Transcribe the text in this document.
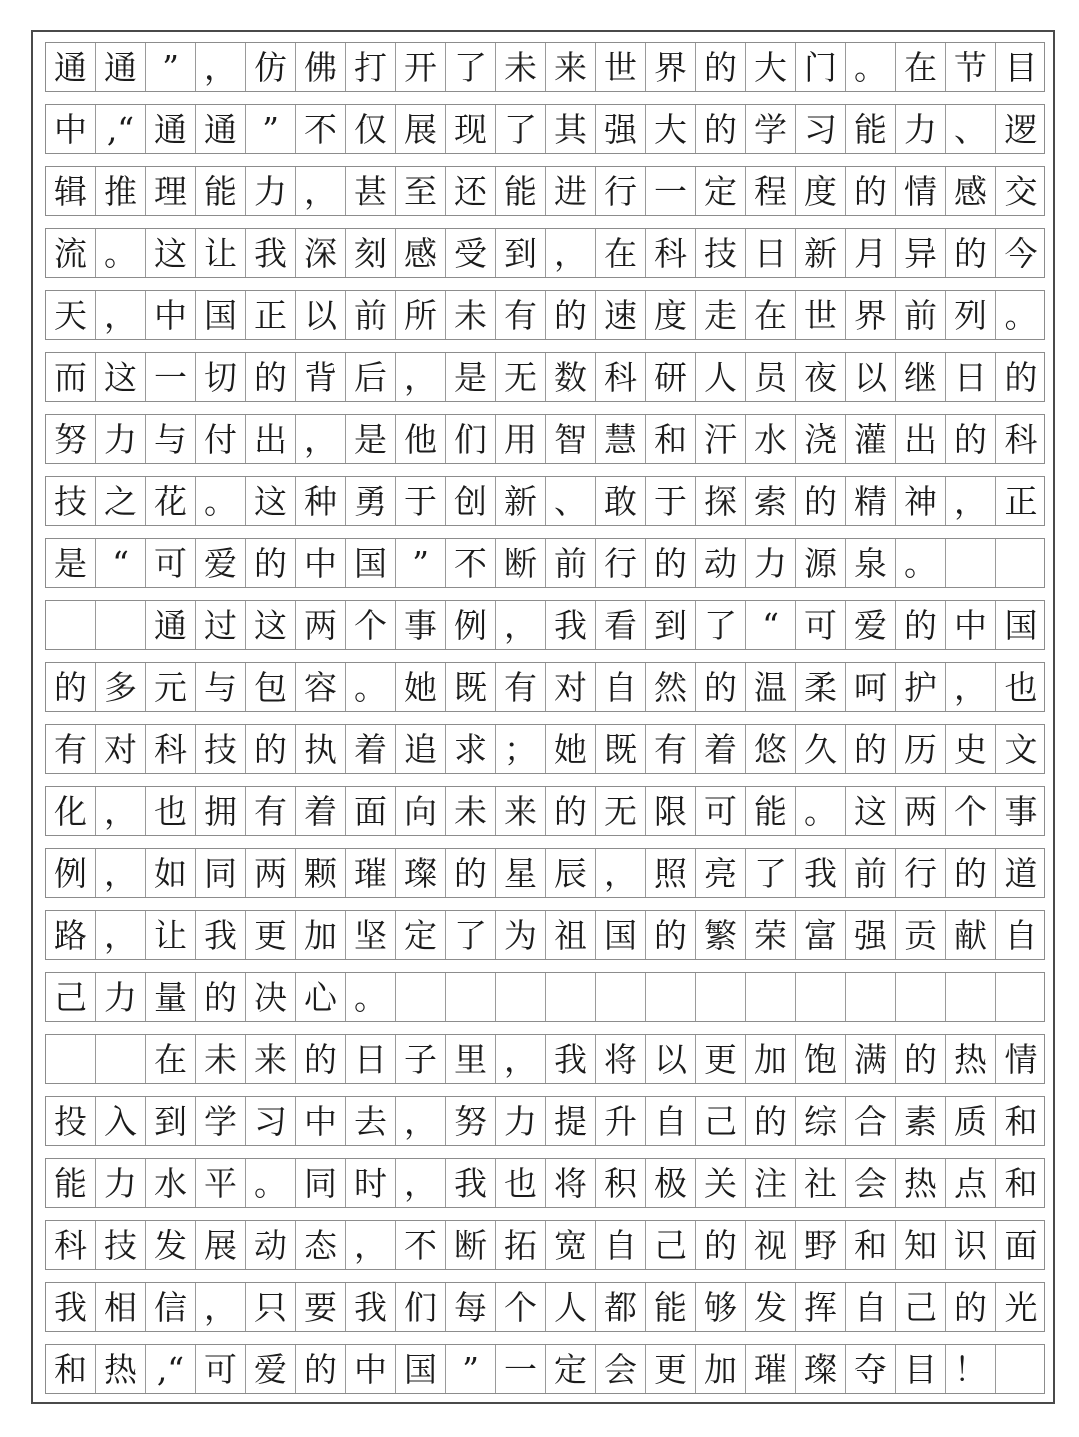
通 通 ” ， 仿 佛 打 开 了 未 来 世 界 的 大 门 。 在 节 目
中 ,“ 通 通 ” 不 仅 展 现 了 其 强 大 的 学 习 能 力 、 逻
辑 推 理 能 力 ， 甚 至 还 能 进 行 一 定 程 度 的 情 感 交
流 。 这 让 我 深 刻 感 受 到 ， 在 科 技 日 新 月 异 的 今
天 ， 中 国 正 以 前 所 未 有 的 速 度 走 在 世 界 前 列 。
而 这 一 切 的 背 后 ， 是 无 数 科 研 人 员 夜 以 继 日 的
努 力 与 付 出 ， 是 他 们 用 智 慧 和 汗 水 浇 灌 出 的 科
技 之 花 。 这 种 勇 于 创 新 、 敢 于 探 索 的 精 神 ， 正
是 “ 可 爱 的 中 国 ” 不 断 前 行 的 动 力 源 泉 。
通 过 这 两 个 事 例 ， 我 看 到 了 “ 可 爱 的 中 国
的 多 元 与 包 容 。 她 既 有 对 自 然 的 温 柔 呵 护 ， 也
有 对 科 技 的 执 着 追 求 ； 她 既 有 着 悠 久 的 历 史 文
化 ， 也 拥 有 着 面 向 未 来 的 无 限 可 能 。 这 两 个 事
例 ， 如 同 两 颗 璀 璨 的 星 辰 ， 照 亮 了 我 前 行 的 道
路 ， 让 我 更 加 坚 定 了 为 祖 国 的 繁 荣 富 强 贡 献 自
己 力 量 的 决 心 。
在 未 来 的 日 子 里 ， 我 将 以 更 加 饱 满 的 热 情
投 入 到 学 习 中 去 ， 努 力 提 升 自 己 的 综 合 素 质 和
能 力 水 平 。 同 时 ， 我 也 将 积 极 关 注 社 会 热 点 和
科 技 发 展 动 态 ， 不 断 拓 宽 自 己 的 视 野 和 知 识 面
我 相 信 ， 只 要 我 们 每 个 人 都 能 够 发 挥 自 己 的 光
和 热 ,“ 可 爱 的 中 国 ” 一 定 会 更 加 璀 璨 夺 目 ！
